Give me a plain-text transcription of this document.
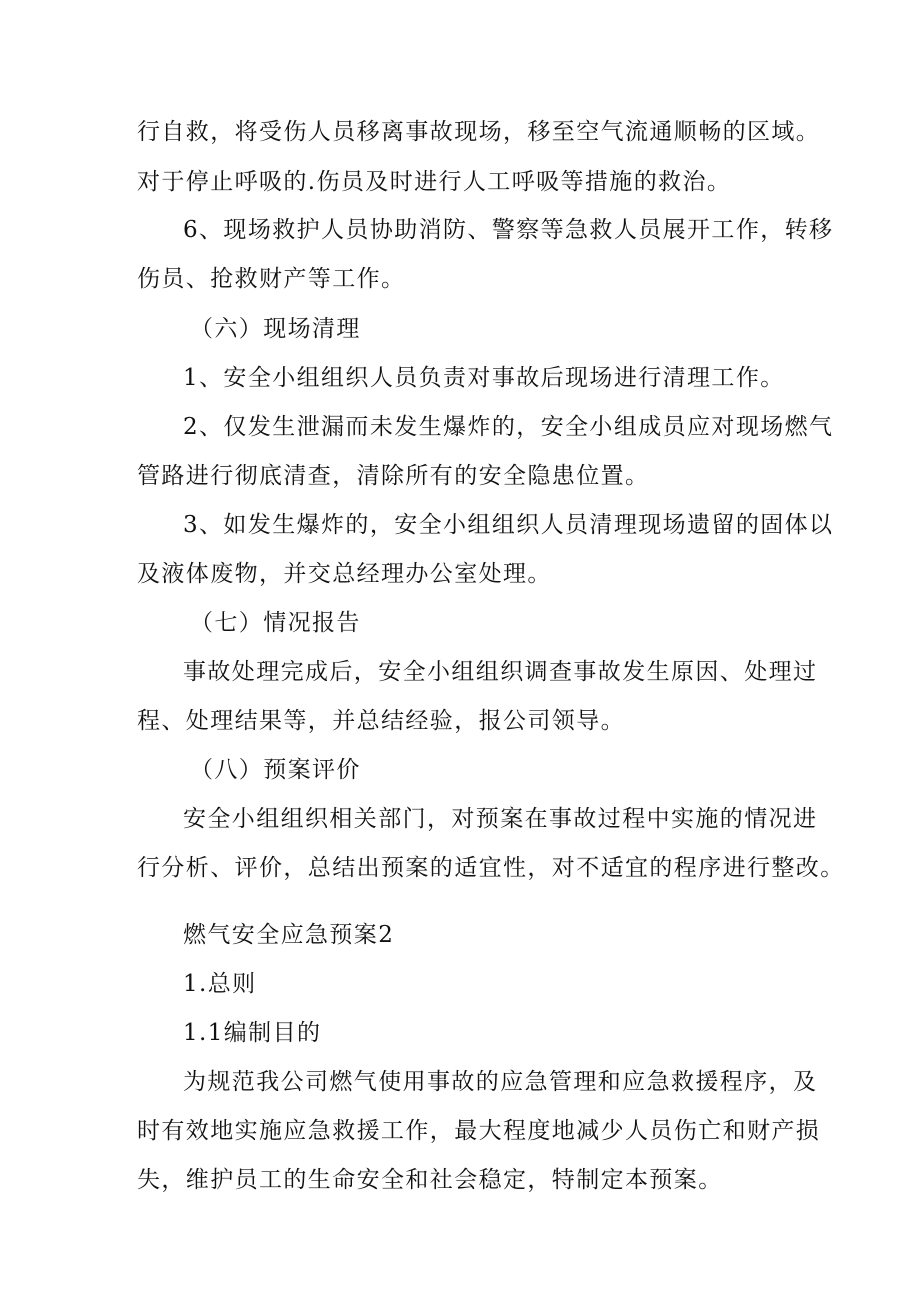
行自救，将受伤人员移离事故现场，移至空气流通顺畅的区域。
对于停止呼吸的.伤员及时进行人工呼吸等措施的救治。
6、现场救护人员协助消防、警察等急救人员展开工作，转移
伤员、抢救财产等工作。
（六）现场清理
1、安全小组组织人员负责对事故后现场进行清理工作。
2、仅发生泄漏而未发生爆炸的，安全小组成员应对现场燃气
管路进行彻底清查，清除所有的安全隐患位置。
3、如发生爆炸的，安全小组组织人员清理现场遗留的固体以
及液体废物，并交总经理办公室处理。
（七）情况报告
事故处理完成后，安全小组组织调查事故发生原因、处理过
程、处理结果等，并总结经验，报公司领导。
（八）预案评价
安全小组组织相关部门，对预案在事故过程中实施的情况进
行分析、评价，总结出预案的适宜性，对不适宜的程序进行整改。
燃气安全应急预案2
1.总则
1.1编制目的
为规范我公司燃气使用事故的应急管理和应急救援程序，及
时有效地实施应急救援工作，最大程度地减少人员伤亡和财产损
失，维护员工的生命安全和社会稳定，特制定本预案。
